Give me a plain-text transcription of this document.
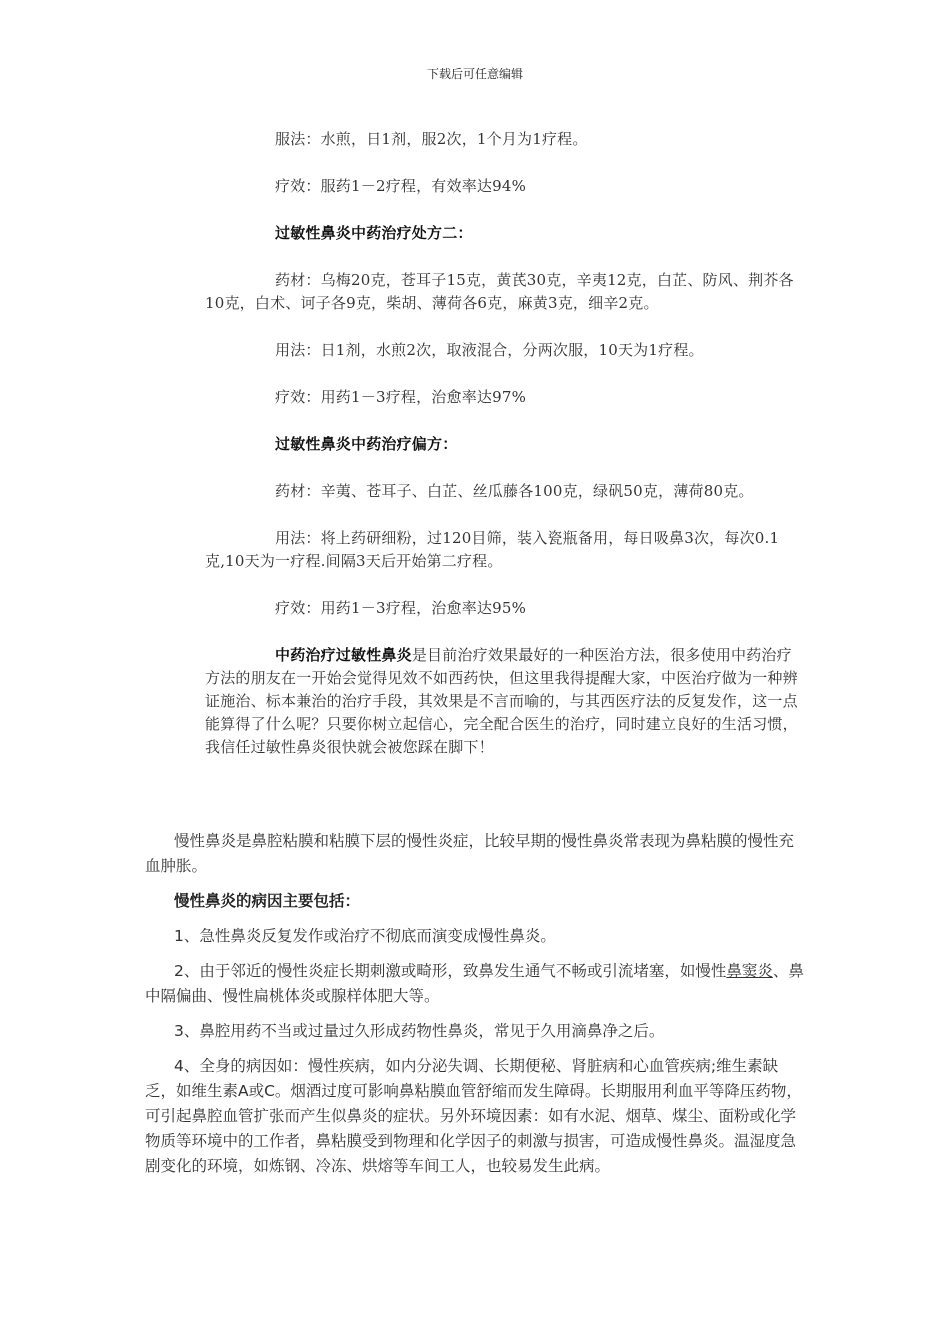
下载后可任意编辑

服法：水煎，日1剂，服2次，1个月为1疗程。

疗效：服药1－2疗程，有效率达94%

过敏性鼻炎中药治疗处方二：

药材：乌梅20克，苍耳子15克，黄芪30克，辛夷12克，白芷、防风、荆芥各10克，白术、诃子各9克，柴胡、薄荷各6克，麻黄3克，细辛2克。

用法：日1剂，水煎2次，取液混合，分两次服，10天为1疗程。

疗效：用药1－3疗程，治愈率达97%

过敏性鼻炎中药治疗偏方：

药材：辛荑、苍耳子、白芷、丝瓜藤各100克，绿矾50克，薄荷80克。

用法：将上药研细粉，过120目筛，装入瓷瓶备用，每日吸鼻3次，每次0.1克,10天为一疗程.间隔3天后开始第二疗程。

疗效：用药1－3疗程，治愈率达95%

中药治疗过敏性鼻炎是目前治疗效果最好的一种医治方法，很多使用中药治疗方法的朋友在一开始会觉得见效不如西药快，但这里我得提醒大家，中医治疗做为一种辨证施治、标本兼治的治疗手段，其效果是不言而喻的，与其西医疗法的反复发作，这一点能算得了什么呢？只要你树立起信心，完全配合医生的治疗，同时建立良好的生活习惯，我信任过敏性鼻炎很快就会被您踩在脚下！

慢性鼻炎是鼻腔粘膜和粘膜下层的慢性炎症，比较早期的慢性鼻炎常表现为鼻粘膜的慢性充血肿胀。

慢性鼻炎的病因主要包括：

1、急性鼻炎反复发作或治疗不彻底而演变成慢性鼻炎。

2、由于邻近的慢性炎症长期刺激或畸形，致鼻发生通气不畅或引流堵塞，如慢性鼻窦炎、鼻中隔偏曲、慢性扁桃体炎或腺样体肥大等。

3、鼻腔用药不当或过量过久形成药物性鼻炎，常见于久用滴鼻净之后。

4、全身的病因如：慢性疾病，如内分泌失调、长期便秘、肾脏病和心血管疾病;维生素缺乏，如维生素A或C。烟酒过度可影响鼻粘膜血管舒缩而发生障碍。长期服用利血平等降压药物，可引起鼻腔血管扩张而产生似鼻炎的症状。另外环境因素：如有水泥、烟草、煤尘、面粉或化学物质等环境中的工作者，鼻粘膜受到物理和化学因子的刺激与损害，可造成慢性鼻炎。温湿度急剧变化的环境，如炼钢、冷冻、烘熔等车间工人，也较易发生此病。
